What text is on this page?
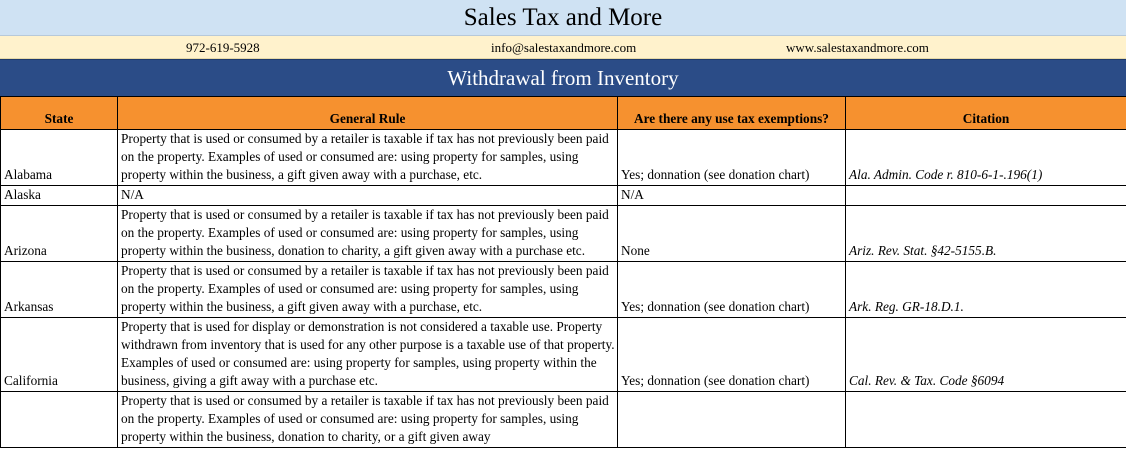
Sales Tax and More
972-619-5928	info@salestaxandmore.com	www.salestaxandmore.com
Withdrawal from Inventory
State	General Rule	Are there any use tax exemptions?	Citation
Alabama	Property that is used or consumed by a retailer is taxable if tax has not previously been paid on the property. Examples of used or consumed are: using property for samples, using property within the business, a gift given away with a purchase, etc.	Yes; donnation (see donation chart)	Ala. Admin. Code r. 810-6-1-.196(1)
Alaska	N/A	N/A	
Arizona	Property that is used or consumed by a retailer is taxable if tax has not previously been paid on the property. Examples of used or consumed are: using property for samples, using property within the business, donation to charity, a gift given away with a purchase etc.	None	Ariz. Rev. Stat. §42-5155.B.
Arkansas	Property that is used or consumed by a retailer is taxable if tax has not previously been paid on the property. Examples of used or consumed are: using property for samples, using property within the business, a gift given away with a purchase, etc.	Yes; donnation (see donation chart)	Ark. Reg. GR-18.D.1.
California	Property that is used for display or demonstration is not considered a taxable use. Property withdrawn from inventory that is used for any other purpose is a taxable use of that property. Examples of used or consumed are: using property for samples, using property within the business, giving a gift away with a purchase etc.	Yes; donnation (see donation chart)	Cal. Rev. & Tax. Code §6094
	Property that is used or consumed by a retailer is taxable if tax has not previously been paid on the property. Examples of used or consumed are: using property for samples, using property within the business, donation to charity, or a gift given away		
